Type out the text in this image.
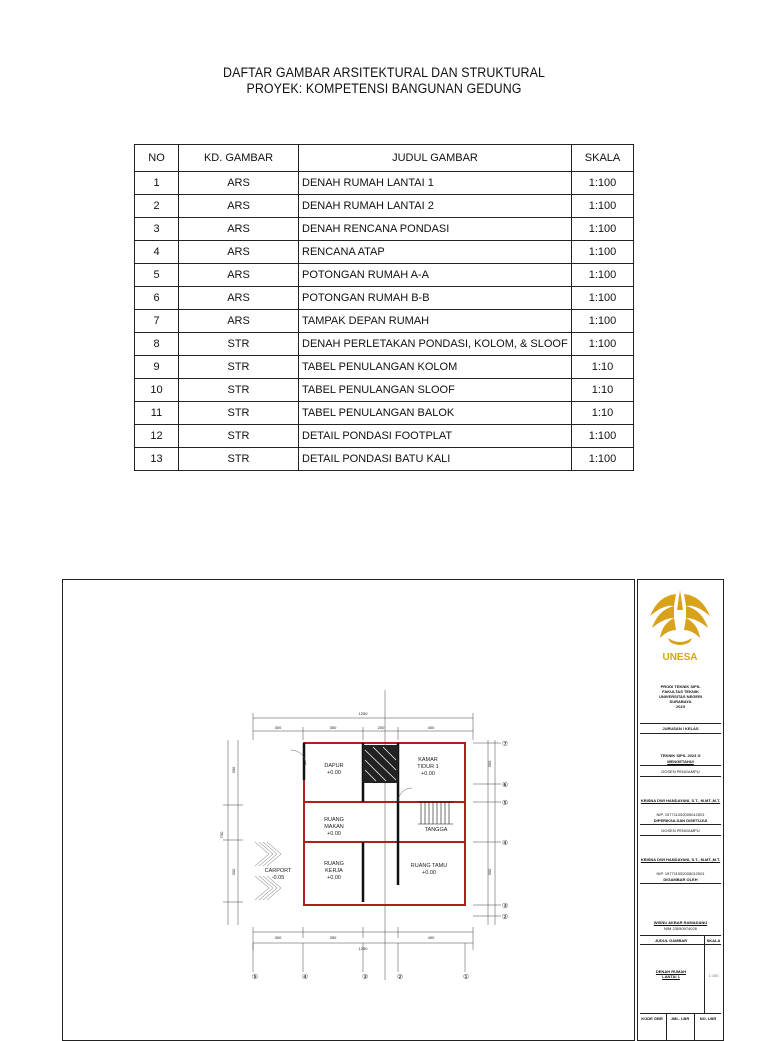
DAFTAR GAMBAR ARSITEKTURAL DAN STRUKTURAL
PROYEK: KOMPETENSI BANGUNAN GEDUNG
NO	KD. GAMBAR	JUDUL GAMBAR	SKALA
1	ARS	DENAH RUMAH LANTAI 1	1:100
2	ARS	DENAH RUMAH LANTAI 2	1:100
3	ARS	DENAH RENCANA PONDASI	1:100
4	ARS	RENCANA ATAP	1:100
5	ARS	POTONGAN RUMAH A-A	1:100
6	ARS	POTONGAN RUMAH B-B	1:100
7	ARS	TAMPAK DEPAN RUMAH	1:100
8	STR	DENAH PERLETAKAN PONDASI, KOLOM, & SLOOF	1:100
9	STR	TABEL PENULANGAN KOLOM	1:10
10	STR	TABEL PENULANGAN SLOOF	1:10
11	STR	TABEL PENULANGAN BALOK	1:10
12	STR	DETAIL PONDASI FOOTPLAT	1:100
13	STR	DETAIL PONDASI BATU KALI	1:100
DAPUR
+0.00
KAMAR
TIDUR 1
+0.00
RUANG
MAKAN
+0.00
TANGGA
RUANG
KERJA
+0.00
RUANG TAMU
+0.00
CARPORT
-0.05
1250
300	350	200	400
1250
300	350	400
700
300
300
300
300
⑦
⑥
⑤
④
③
②
⑤	④	③	②	①
UNESA
PRODI TEKNIK SIPIL
FAKULTAS TEKNIK
UNIVERSITAS NEGERI
SURABAYA
2023
JURUSAN / KELAS
TEKNIK SIPIL 2023 G
MENGETAHUI
DOSEN PENGAMPU
KRISNA DWI HANDAYANI, S.T., M.MT.,M.T.
NIP. 197711052005012001
DIPERIKSA DAN DISETUJUI
DOSEN PENGAMPU
KRISNA DWI HANDAYANI, S.T., M.MT.,M.T.
NIP. 197711052005012001
DIGAMBAR OLEH
WISNU AKBAR RAMADANU
NIM 23050974026
JUDUL GAMBAR	SKALA
DENAH RUMAH
LANTAI 1	1:100
KODE GBR	JML. LBR	NO. LBR
